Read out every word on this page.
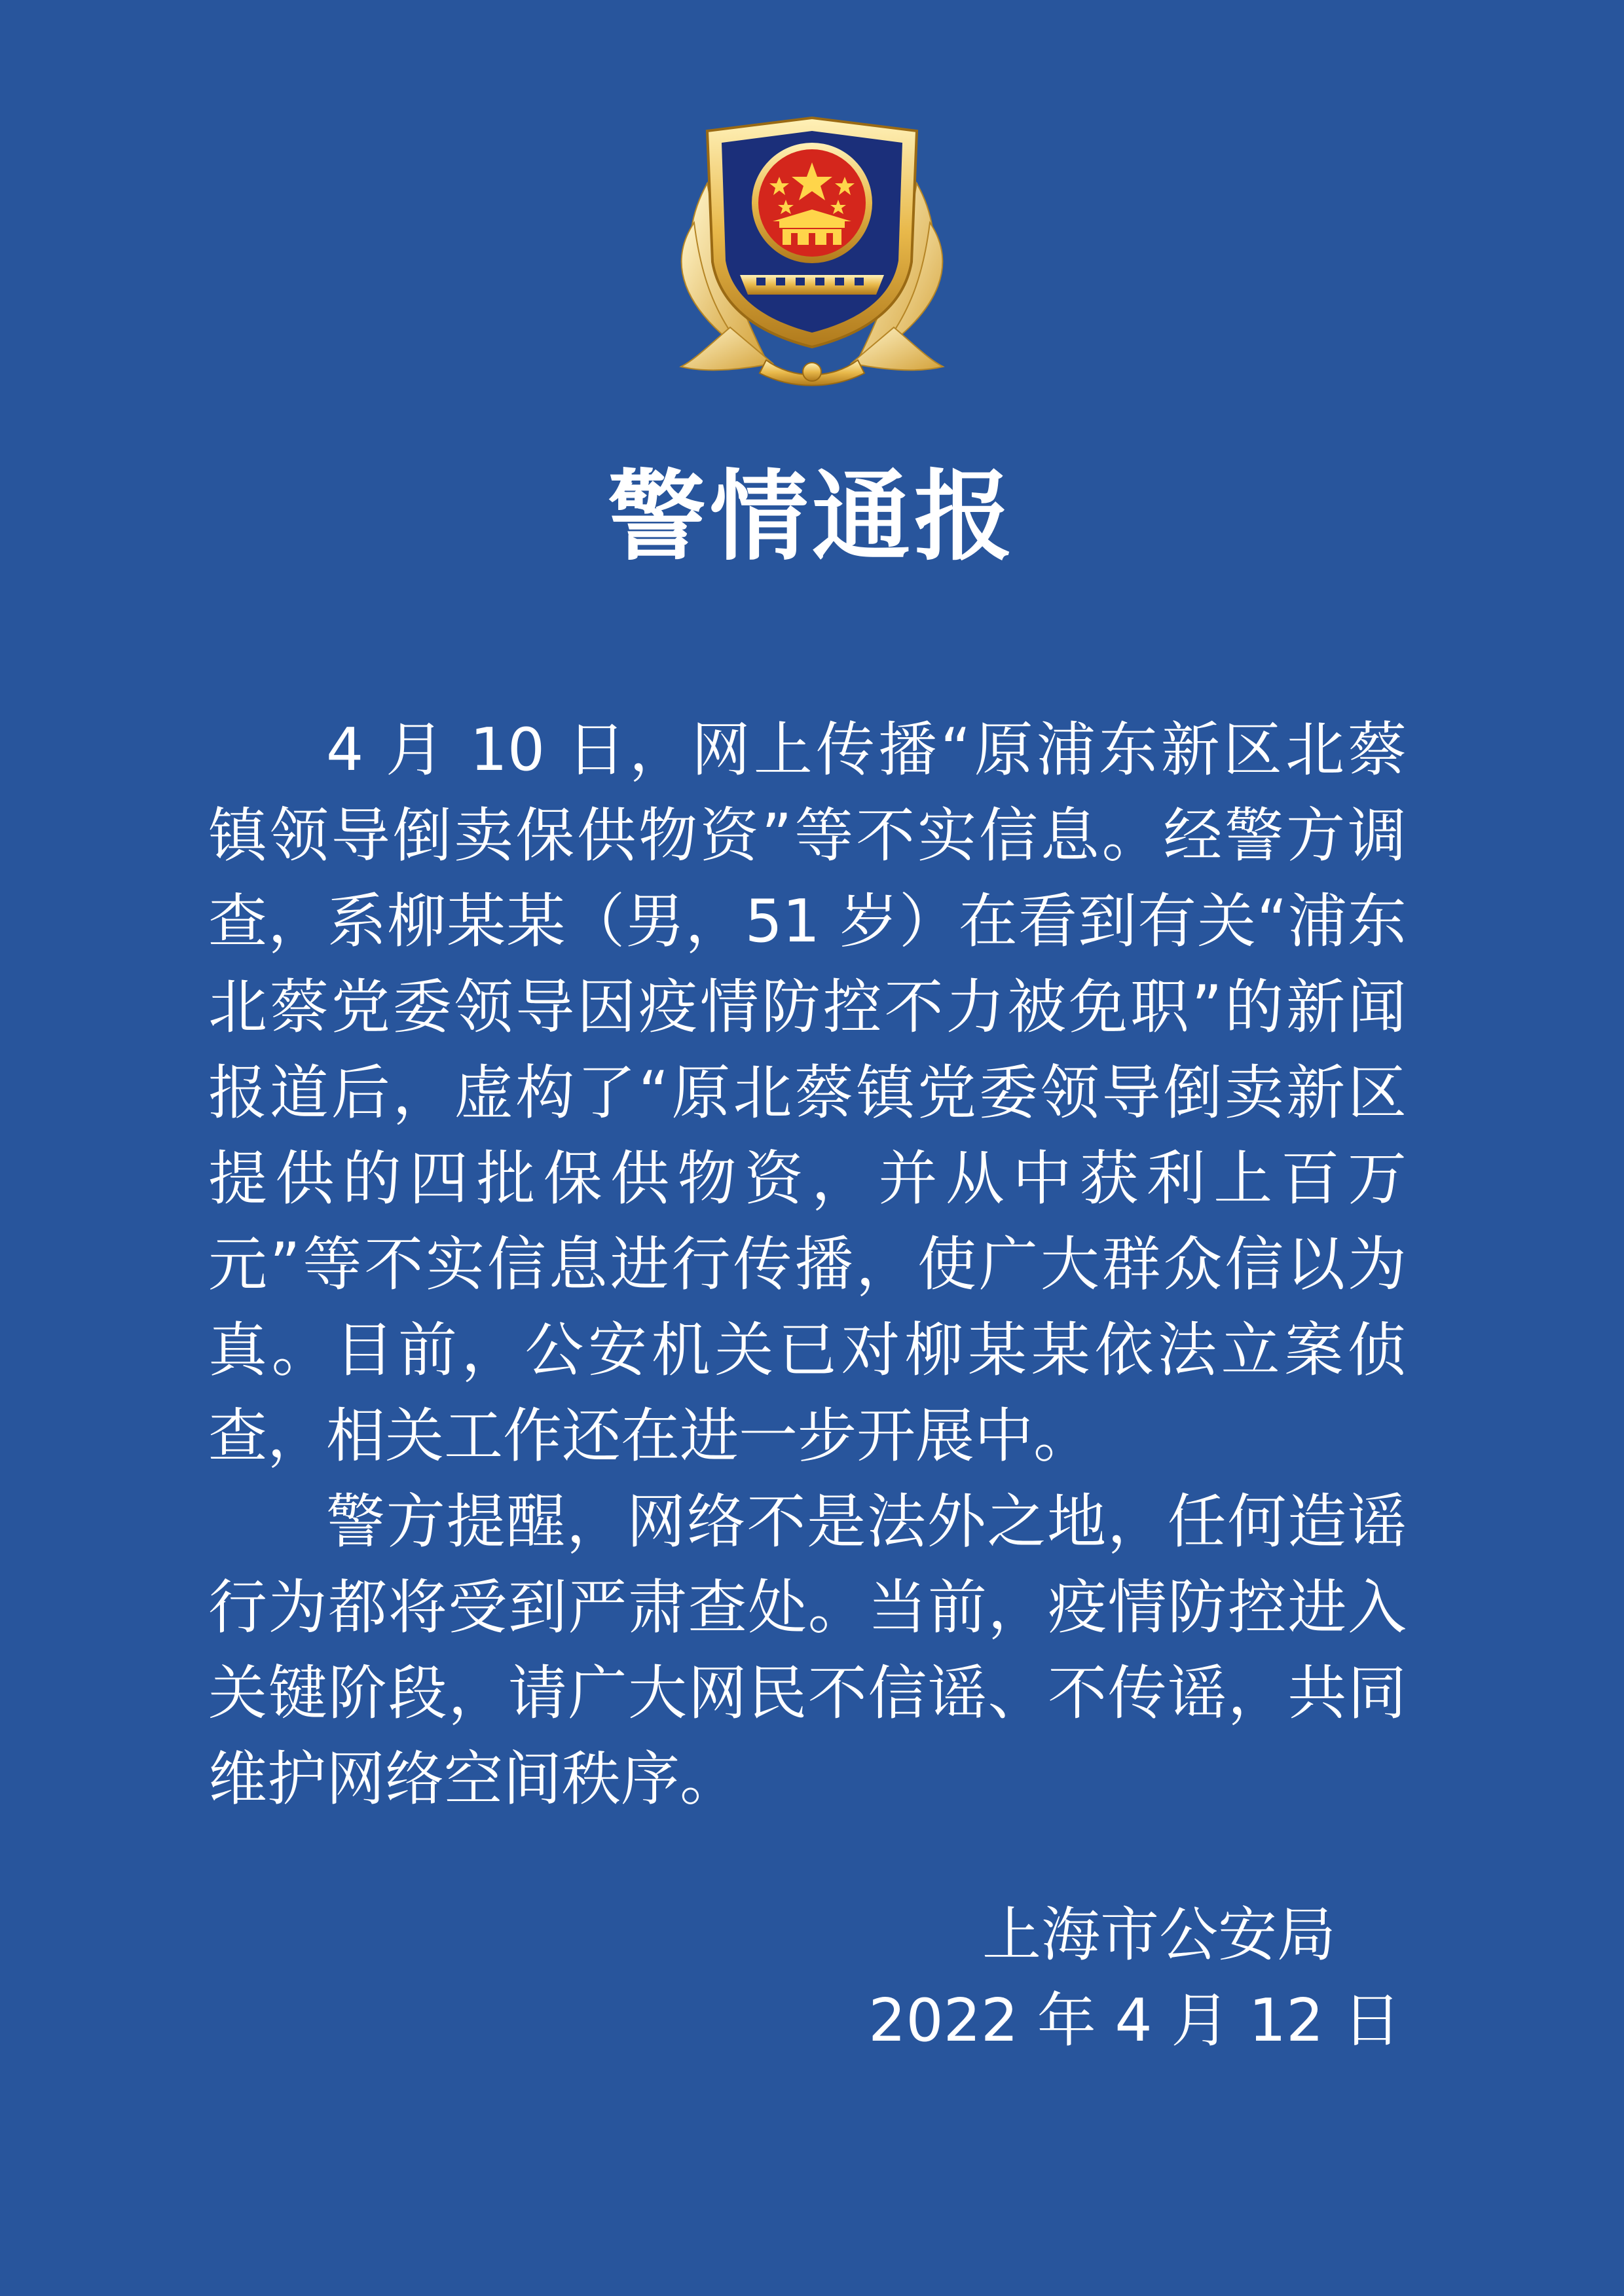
警情通报

4 月 10 日，网上传播“原浦东新区北蔡镇领导倒卖保供物资”等不实信息。经警方调查，系柳某某（男，51 岁）在看到有关“浦东北蔡党委领导因疫情防控不力被免职”的新闻报道后，虚构了“原北蔡镇党委领导倒卖新区提供的四批保供物资，并从中获利上百万元”等不实信息进行传播，使广大群众信以为真。目前，公安机关已对柳某某依法立案侦查，相关工作还在进一步开展中。

警方提醒，网络不是法外之地，任何造谣行为都将受到严肃查处。当前，疫情防控进入关键阶段，请广大网民不信谣、不传谣，共同维护网络空间秩序。

上海市公安局
2022 年 4 月 12 日
